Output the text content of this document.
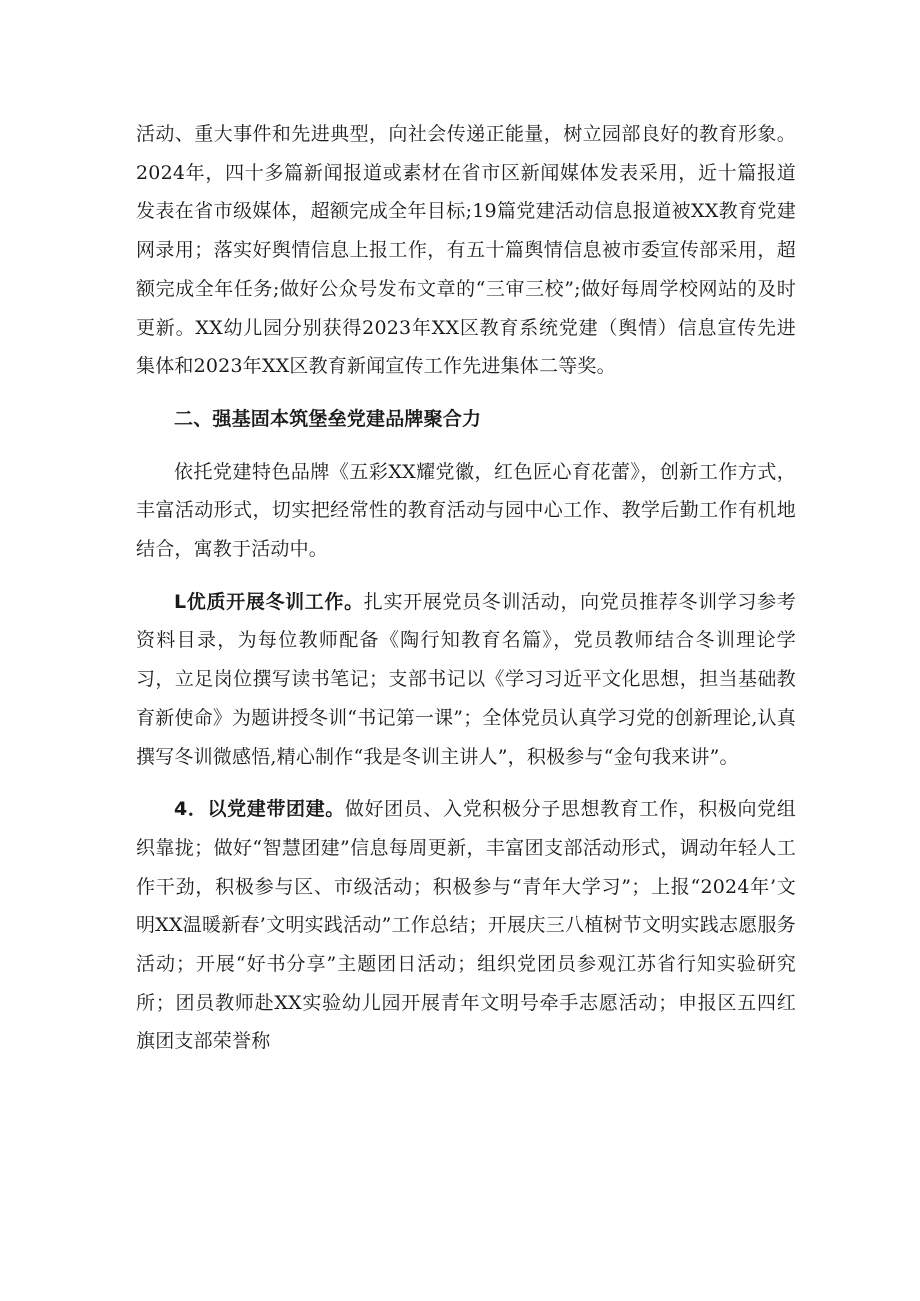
活动、重大事件和先进典型，向社会传递正能量，树立园部良好的教育形象。2024年，四十多篇新闻报道或素材在省市区新闻媒体发表采用，近十篇报道发表在省市级媒体，超额完成全年目标;19篇党建活动信息报道被XX教育党建网录用；落实好舆情信息上报工作，有五十篇舆情信息被市委宣传部采用，超额完成全年任务;做好公众号发布文章的“三审三校”;做好每周学校网站的及时更新。XX幼儿园分别获得2023年XX区教育系统党建（舆情）信息宣传先进集体和2023年XX区教育新闻宣传工作先进集体二等奖。

二、强基固本筑堡垒党建品牌聚合力

依托党建特色品牌《五彩XX耀党徽，红色匠心育花蕾》，创新工作方式，丰富活动形式，切实把经常性的教育活动与园中心工作、教学后勤工作有机地结合，寓教于活动中。

L优质开展冬训工作。扎实开展党员冬训活动，向党员推荐冬训学习参考资料目录，为每位教师配备《陶行知教育名篇》，党员教师结合冬训理论学习，立足岗位撰写读书笔记；支部书记以《学习习近平文化思想，担当基础教育新使命》为题讲授冬训“书记第一课”；全体党员认真学习党的创新理论,认真撰写冬训微感悟,精心制作“我是冬训主讲人”，积极参与“金句我来讲”。

4．以党建带团建。做好团员、入党积极分子思想教育工作，积极向党组织靠拢；做好“智慧团建”信息每周更新，丰富团支部活动形式，调动年轻人工作干劲，积极参与区、市级活动；积极参与“青年大学习”；上报“2024年’文明XX温暖新春’文明实践活动”工作总结；开展庆三八植树节文明实践志愿服务活动；开展“好书分享”主题团日活动；组织党团员参观江苏省行知实验研究所；团员教师赴XX实验幼儿园开展青年文明号牵手志愿活动；申报区五四红旗团支部荣誉称
